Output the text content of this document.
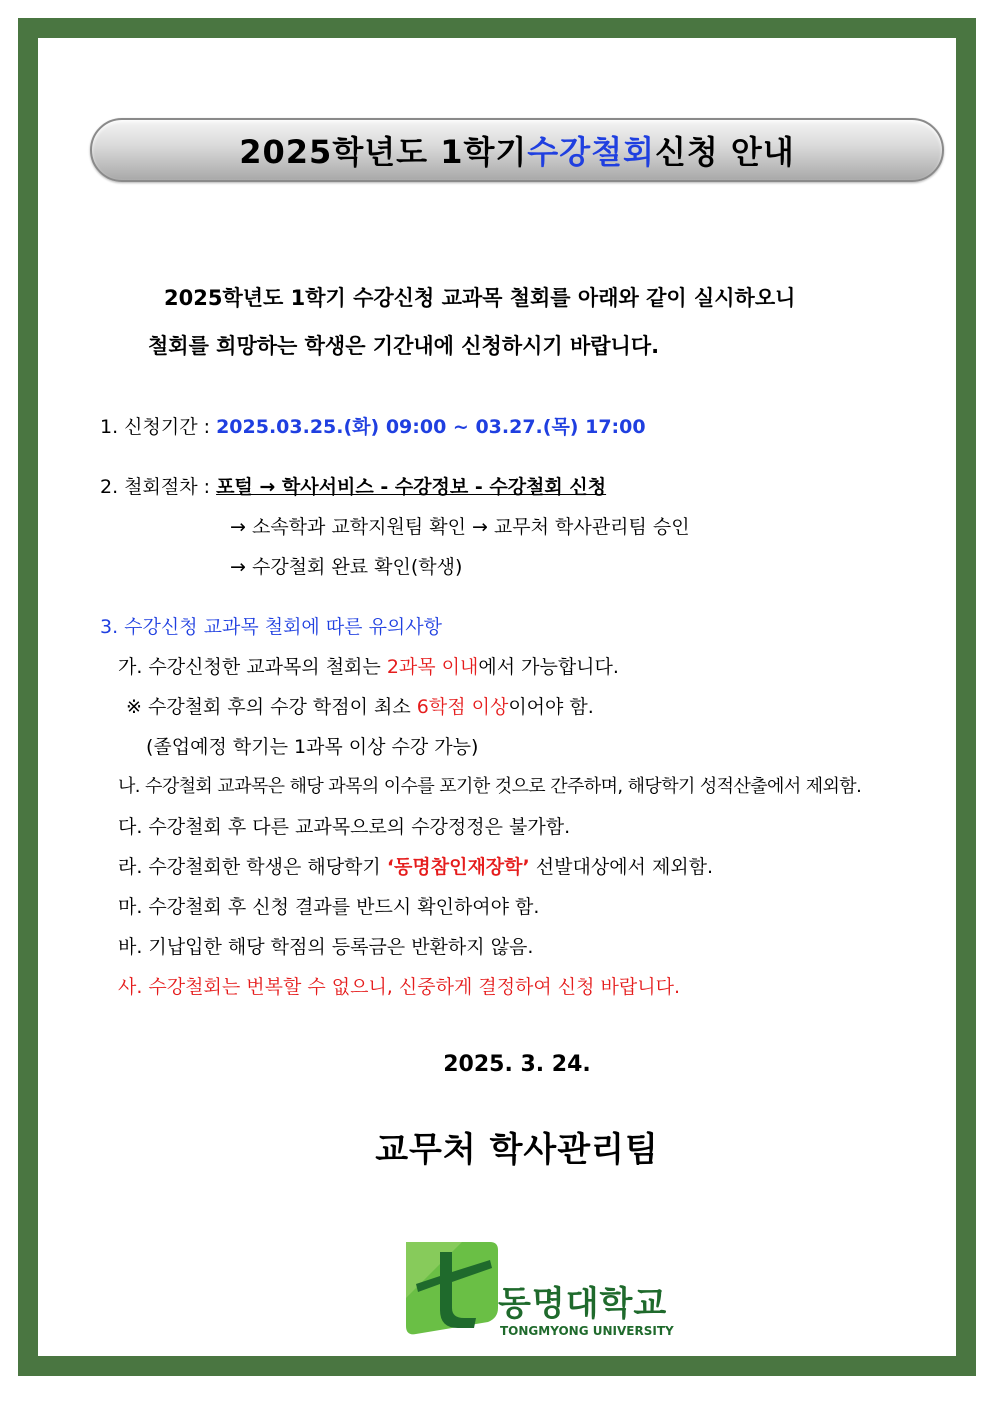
2025학년도 1학기 수강철회 신청 안내
2025학년도 1학기 수강신청 교과목 철회를 아래와 같이 실시하오니
철회를 희망하는 학생은 기간내에 신청하시기 바랍니다.
1. 신청기간 : 2025.03.25.(화) 09:00 ~ 03.27.(목) 17:00
2. 철회절차 : 포털 → 학사서비스 - 수강정보 - 수강철회 신청
→ 소속학과 교학지원팀 확인 → 교무처 학사관리팀 승인
→ 수강철회 완료 확인(학생)
3. 수강신청 교과목 철회에 따른 유의사항
가. 수강신청한 교과목의 철회는 2과목 이내에서 가능합니다.
※ 수강철회 후의 수강 학점이 최소 6학점 이상이어야 함.
(졸업예정 학기는 1과목 이상 수강 가능)
나. 수강철회 교과목은 해당 과목의 이수를 포기한 것으로 간주하며, 해당학기 성적산출에서 제외함.
다. 수강철회 후 다른 교과목으로의 수강정정은 불가함.
라. 수강철회한 학생은 해당학기 ‘동명참인재장학’ 선발대상에서 제외함.
마. 수강철회 후 신청 결과를 반드시 확인하여야 함.
바. 기납입한 해당 학점의 등록금은 반환하지 않음.
사. 수강철회는 번복할 수 없으니, 신중하게 결정하여 신청 바랍니다.
2025. 3. 24.
교무처 학사관리팀
동명대학교
TONGMYONG UNIVERSITY
